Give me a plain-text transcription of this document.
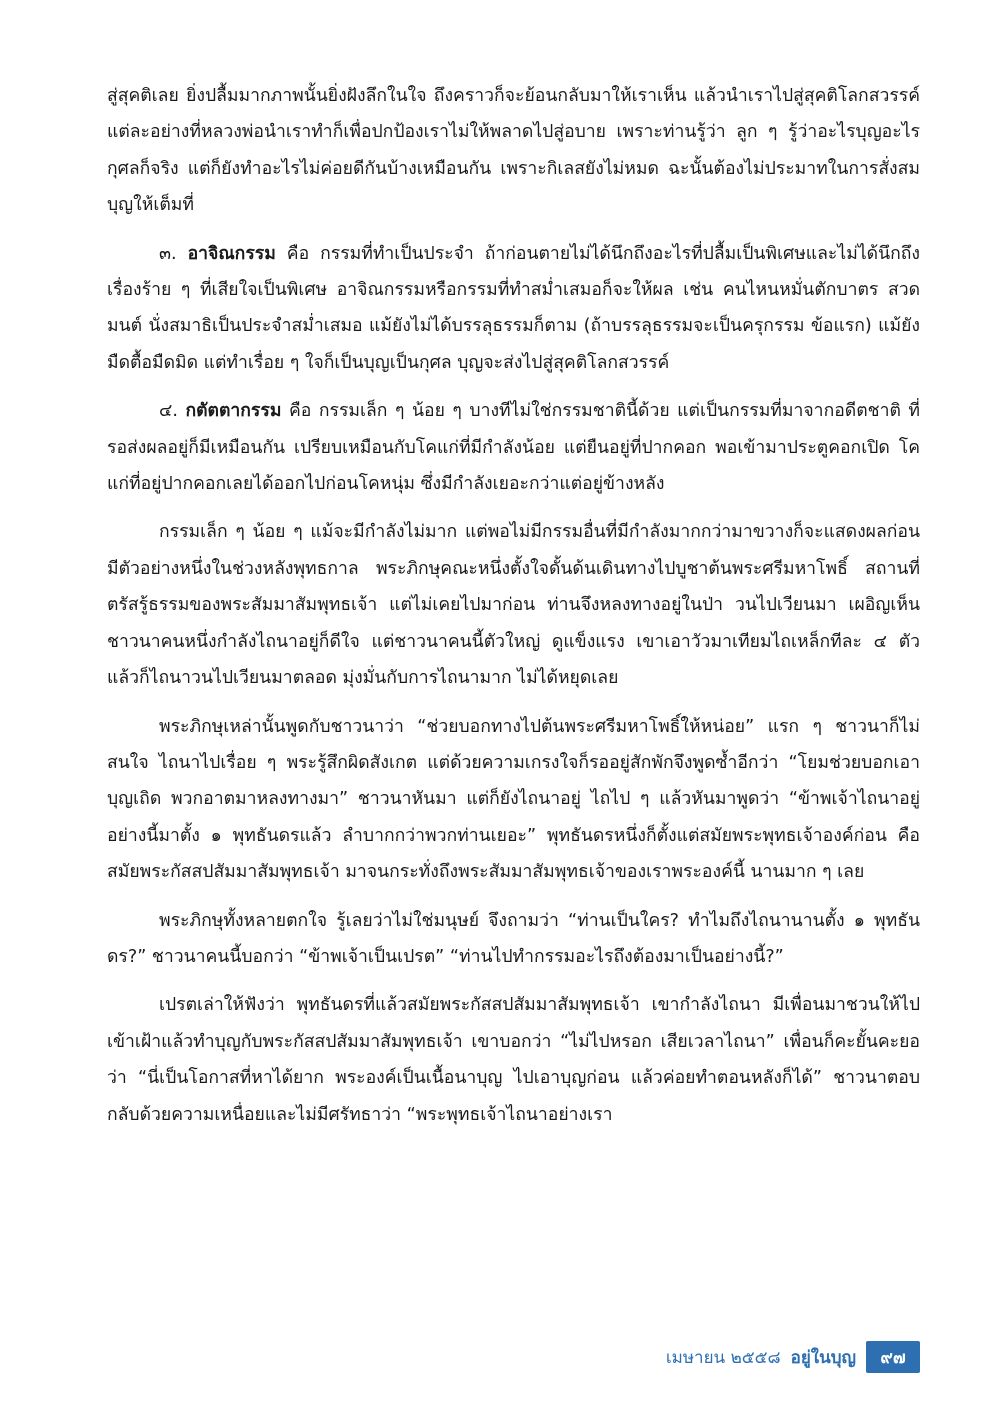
สู่สุคติเลย ยิ่งปลื้มมากภาพนั้นยิ่งฝังลึกในใจ ถึงคราวก็จะย้อนกลับมาให้เราเห็น แล้วนำเราไปสู่สุคติโลกสวรรค์ แต่ละอย่างที่หลวงพ่อนำเราทำก็เพื่อปกป้องเราไม่ให้พลาดไปสู่อบาย เพราะท่านรู้ว่า ลูก ๆ รู้ว่าอะไรบุญอะไรกุศลก็จริง แต่ก็ยังทำอะไรไม่ค่อยดีกันบ้างเหมือนกัน เพราะกิเลสยังไม่หมด ฉะนั้นต้องไม่ประมาทในการสั่งสมบุญให้เต็มที่

๓. อาจิณกรรม คือ กรรมที่ทำเป็นประจำ ถ้าก่อนตายไม่ได้นึกถึงอะไรที่ปลื้มเป็นพิเศษและไม่ได้นึกถึงเรื่องร้าย ๆ ที่เสียใจเป็นพิเศษ อาจิณกรรมหรือกรรมที่ทำสม่ำเสมอก็จะให้ผล เช่น คนไหนหมั่นตักบาตร สวดมนต์ นั่งสมาธิเป็นประจำสม่ำเสมอ แม้ยังไม่ได้บรรลุธรรมก็ตาม (ถ้าบรรลุธรรมจะเป็นครุกรรม ข้อแรก) แม้ยังมืดตื้อมืดมิด แต่ทำเรื่อย ๆ ใจก็เป็นบุญเป็นกุศล บุญจะส่งไปสู่สุคติโลกสวรรค์

๔. กตัตตากรรม คือ กรรมเล็ก ๆ น้อย ๆ บางทีไม่ใช่กรรมชาตินี้ด้วย แต่เป็นกรรมที่มาจากอดีตชาติ ที่รอส่งผลอยู่ก็มีเหมือนกัน เปรียบเหมือนกับโคแก่ที่มีกำลังน้อย แต่ยืนอยู่ที่ปากคอก พอเข้ามาประตูคอกเปิด โคแก่ที่อยู่ปากคอกเลยได้ออกไปก่อนโคหนุ่ม ซึ่งมีกำลังเยอะกว่าแต่อยู่ข้างหลัง

กรรมเล็ก ๆ น้อย ๆ แม้จะมีกำลังไม่มาก แต่พอไม่มีกรรมอื่นที่มีกำลังมากกว่ามาขวางก็จะแสดงผลก่อน มีตัวอย่างหนึ่งในช่วงหลังพุทธกาล พระภิกษุคณะหนึ่งตั้งใจดั้นด้นเดินทางไปบูชาต้นพระศรีมหาโพธิ์ สถานที่ตรัสรู้ธรรมของพระสัมมาสัมพุทธเจ้า แต่ไม่เคยไปมาก่อน ท่านจึงหลงทางอยู่ในป่า วนไปเวียนมา เผอิญเห็นชาวนาคนหนึ่งกำลังไถนาอยู่ก็ดีใจ แต่ชาวนาคนนี้ตัวใหญ่ ดูแข็งแรง เขาเอาวัวมาเทียมไถเหล็กทีละ ๔ ตัว แล้วก็ไถนาวนไปเวียนมาตลอด มุ่งมั่นกับการไถนามาก ไม่ได้หยุดเลย

พระภิกษุเหล่านั้นพูดกับชาวนาว่า “ช่วยบอกทางไปต้นพระศรีมหาโพธิ์ให้หน่อย” แรก ๆ ชาวนาก็ไม่สนใจ ไถนาไปเรื่อย ๆ พระรู้สึกผิดสังเกต แต่ด้วยความเกรงใจก็รออยู่สักพักจึงพูดซ้ำอีกว่า “โยมช่วยบอกเอาบุญเถิด พวกอาตมาหลงทางมา” ชาวนาหันมา แต่ก็ยังไถนาอยู่ ไถไป ๆ แล้วหันมาพูดว่า “ข้าพเจ้าไถนาอยู่อย่างนี้มาตั้ง ๑ พุทธันดรแล้ว ลำบากกว่าพวกท่านเยอะ” พุทธันดรหนึ่งก็ตั้งแต่สมัยพระพุทธเจ้าองค์ก่อน คือ สมัยพระกัสสปสัมมาสัมพุทธเจ้า มาจนกระทั่งถึงพระสัมมาสัมพุทธเจ้าของเราพระองค์นี้ นานมาก ๆ เลย

พระภิกษุทั้งหลายตกใจ รู้เลยว่าไม่ใช่มนุษย์ จึงถามว่า “ท่านเป็นใคร? ทำไมถึงไถนานานตั้ง ๑ พุทธันดร?” ชาวนาคนนี้บอกว่า “ข้าพเจ้าเป็นเปรต” “ท่านไปทำกรรมอะไรถึงต้องมาเป็นอย่างนี้?”

เปรตเล่าให้ฟังว่า พุทธันดรที่แล้วสมัยพระกัสสปสัมมาสัมพุทธเจ้า เขากำลังไถนา มีเพื่อนมาชวนให้ไปเข้าเฝ้าแล้วทำบุญกับพระกัสสปสัมมาสัมพุทธเจ้า เขาบอกว่า “ไม่ไปหรอก เสียเวลาไถนา” เพื่อนก็คะยั้นคะยอว่า “นี่เป็นโอกาสที่หาได้ยาก พระองค์เป็นเนื้อนาบุญ ไปเอาบุญก่อน แล้วค่อยทำตอนหลังก็ได้” ชาวนาตอบกลับด้วยความเหนื่อยและไม่มีศรัทธาว่า “พระพุทธเจ้าไถนาอย่างเรา

เมษายน ๒๕๕๘ อยู่ในบุญ	๙๗
